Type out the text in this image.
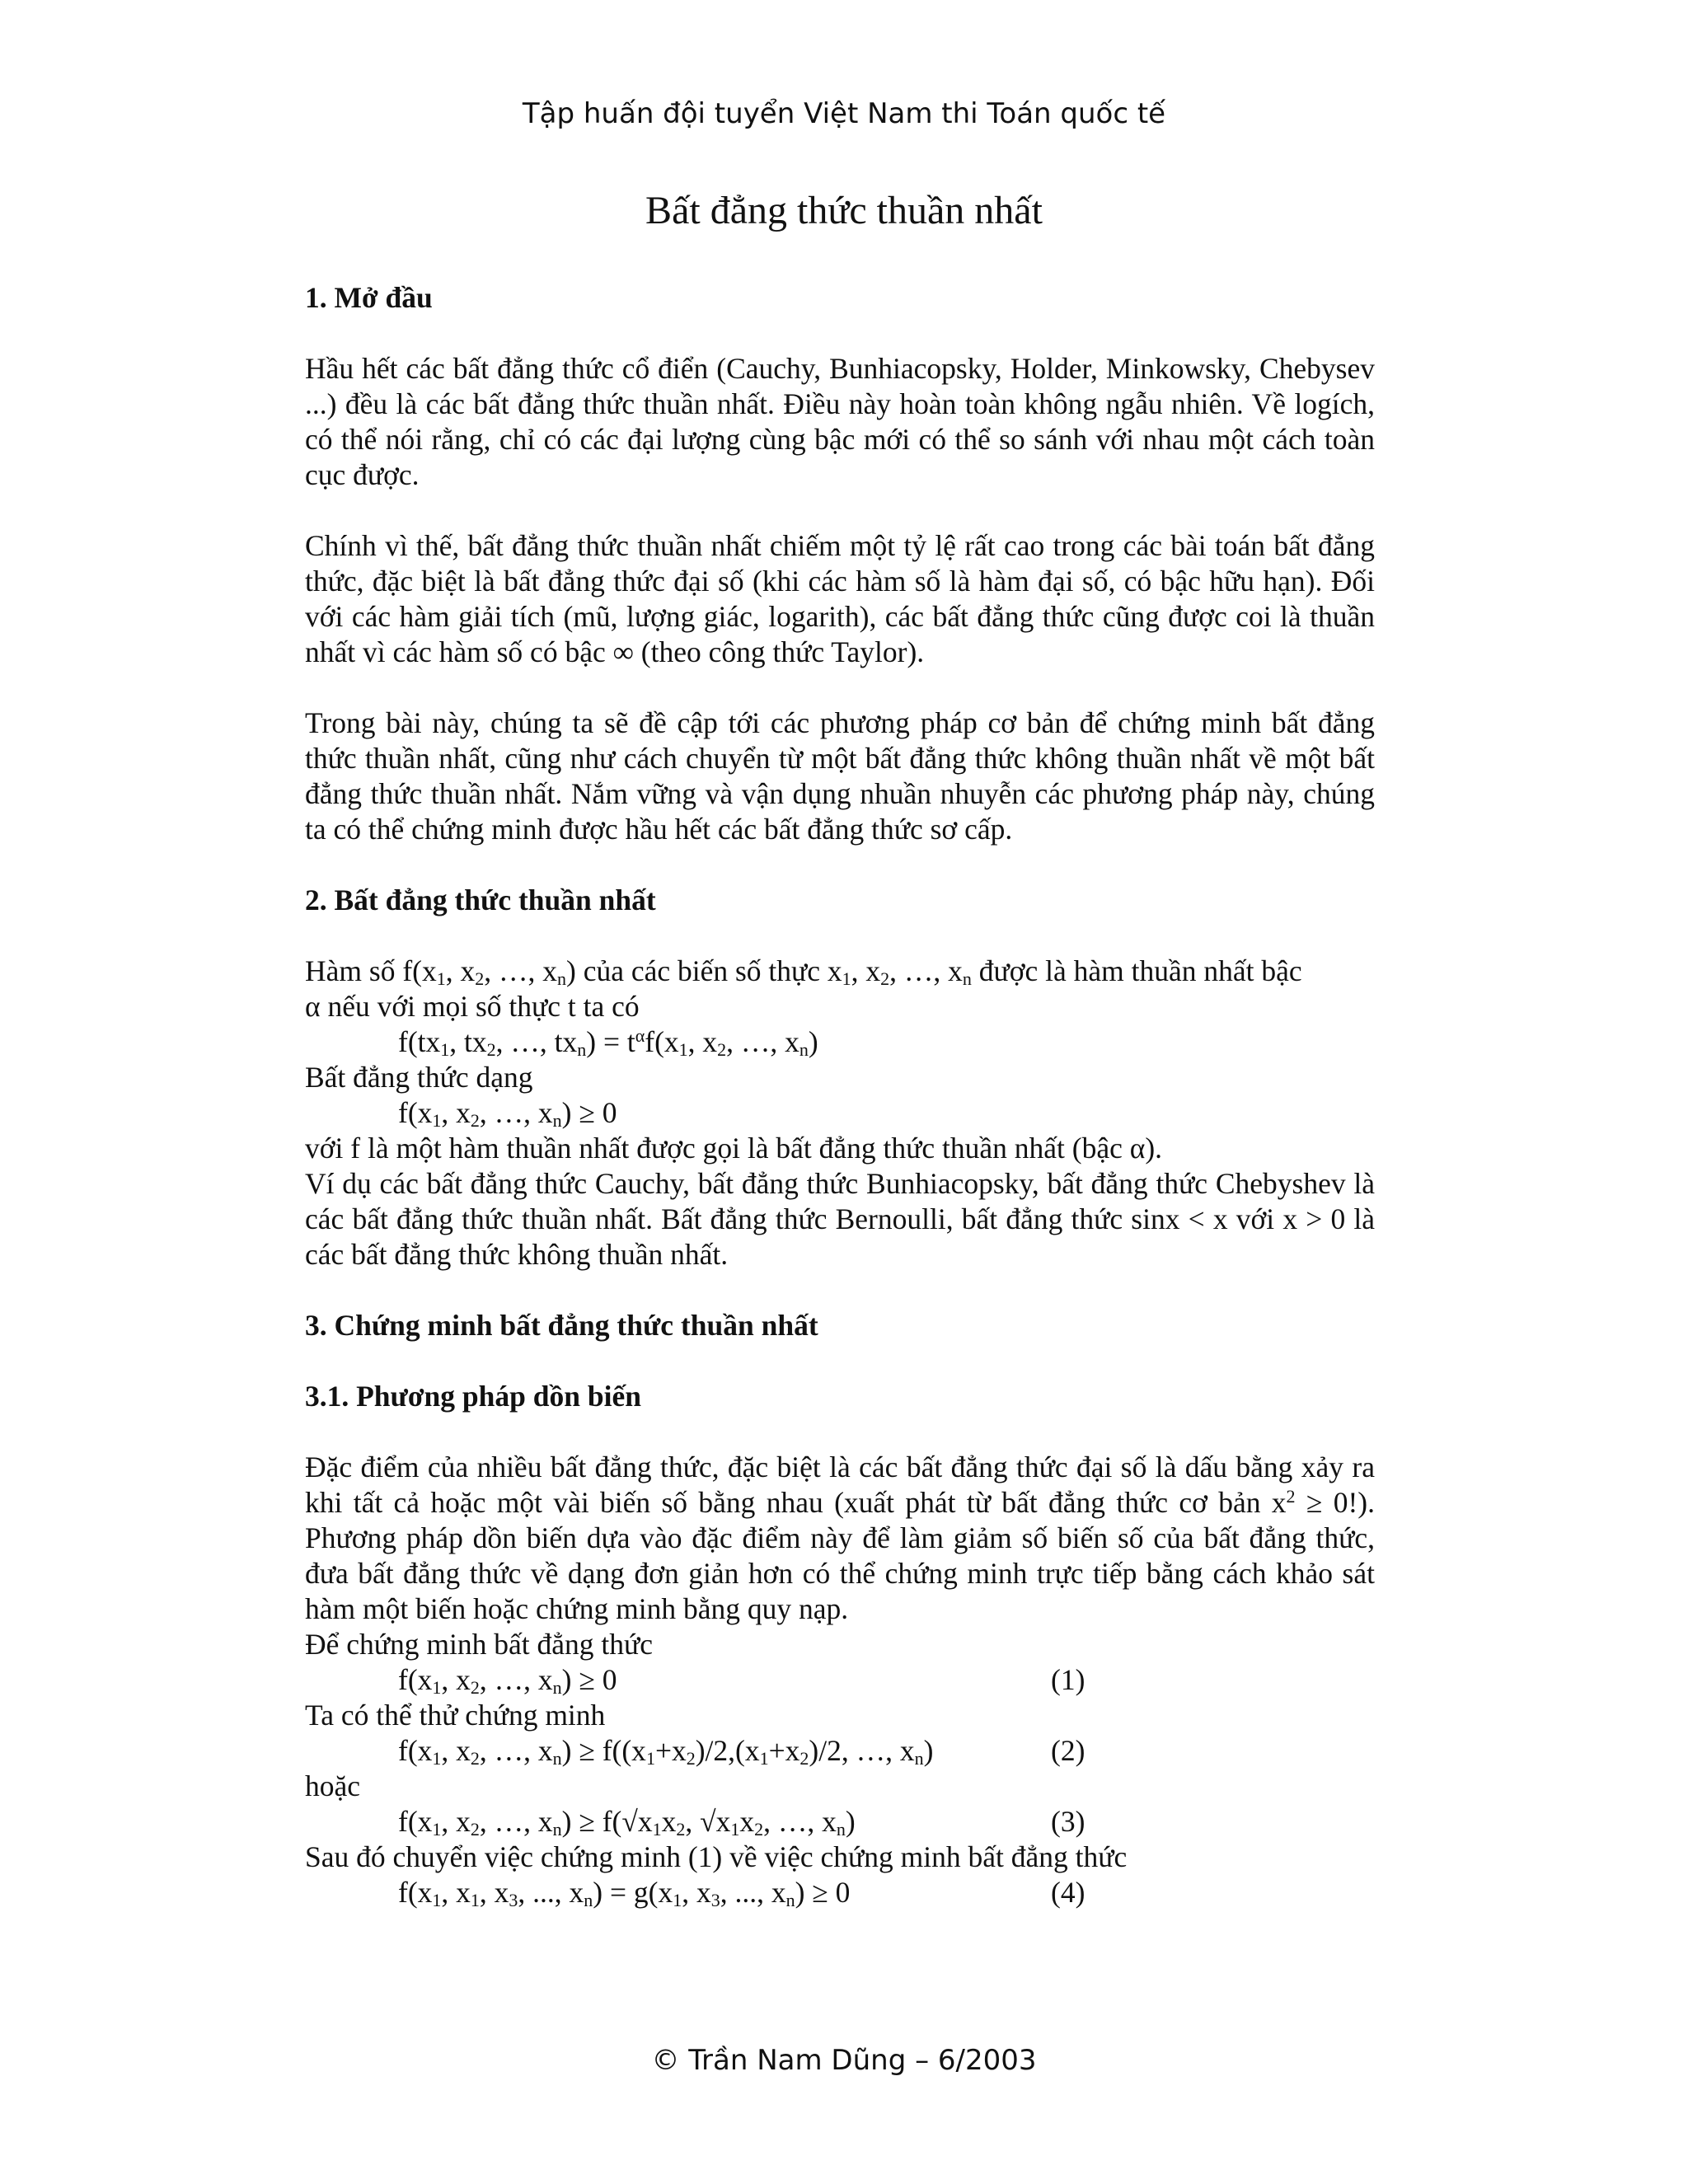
Tập huấn đội tuyển Việt Nam thi Toán quốc tế
Bất đẳng thức thuần nhất
1. Mở đầu

Hầu hết các bất đẳng thức cổ điển (Cauchy, Bunhiacopsky, Holder, Minkowsky, Chebysev ...) đều là các bất đẳng thức thuần nhất. Điều này hoàn toàn không ngẫu nhiên. Về logích, có thể nói rằng, chỉ có các đại lượng cùng bậc mới có thể so sánh với nhau một cách toàn cục được.

Chính vì thế, bất đẳng thức thuần nhất chiếm một tỷ lệ rất cao trong các bài toán bất đẳng thức, đặc biệt là bất đẳng thức đại số (khi các hàm số là hàm đại số, có bậc hữu hạn). Đối với các hàm giải tích (mũ, lượng giác, logarith), các bất đẳng thức cũng được coi là thuần nhất vì các hàm số có bậc ∞ (theo công thức Taylor).

Trong bài này, chúng ta sẽ đề cập tới các phương pháp cơ bản để chứng minh bất đẳng thức thuần nhất, cũng như cách chuyển từ một bất đẳng thức không thuần nhất về một bất đẳng thức thuần nhất. Nắm vững và vận dụng nhuần nhuyễn các phương pháp này, chúng ta có thể chứng minh được hầu hết các bất đẳng thức sơ cấp.

2. Bất đẳng thức thuần nhất

Hàm số $f(x_1$, $x_2$, …, $x_n$) của các biến số thực $x_1$, $x_2$, …, $x_n$ được là hàm thuần nhất bậc

α nếu với mọi số thực t ta có

$f(tx_1$, $tx_2$, …, $tx_n) = t^\alpha f(x_1$, $x_2$, …, $x_n$)

Bất đẳng thức dạng

$f(x_1$, $x_2$, …, $x_n) \ge 0$

với f là một hàm thuần nhất được gọi là bất đẳng thức thuần nhất (bậc α).

Ví dụ các bất đẳng thức Cauchy, bất đẳng thức Bunhiacopsky, bất đẳng thức Chebyshev là các bất đẳng thức thuần nhất. Bất đẳng thức Bernoulli, bất đẳng thức sinx < x với x > 0 là các bất đẳng thức không thuần nhất.

3. Chứng minh bất đẳng thức thuần nhất
3.1. Phương pháp dồn biến

Đặc điểm của nhiều bất đẳng thức, đặc biệt là các bất đẳng thức đại số là dấu bằng xảy ra khi tất cả hoặc một vài biến số bằng nhau (xuất phát từ bất đẳng thức cơ bản $x^2 \ge 0$!). Phương pháp dồn biến dựa vào đặc điểm này để làm giảm số biến số của bất đẳng thức, đưa bất đẳng thức về dạng đơn giản hơn có thể chứng minh trực tiếp bằng cách khảo sát hàm một biến hoặc chứng minh bằng quy nạp.

Để chứng minh bất đẳng thức

$f(x_1$, $x_2$, …, $x_n) \ge 0$	(1)

Ta có thể thử chứng minh

$f(x_1$, $x_2$, …, $x_n) \ge f((x_1+x_2)/2,(x_1+x_2)/2$, …, $x_n$)	(2)

hoặc

$f(x_1$, $x_2$, …, $x_n) \ge f(√x_1x_2$, $√x_1x_2$, …, $x_n$)	(3)

Sau đó chuyển việc chứng minh (1) về việc chứng minh bất đẳng thức

$f(x_1$, $x_1$, $x_3$, ..., $x_n) = g(x_1$, $x_3$, ..., $x_n) \ge 0$	(4)
© Trần Nam Dũng – 6/2003
